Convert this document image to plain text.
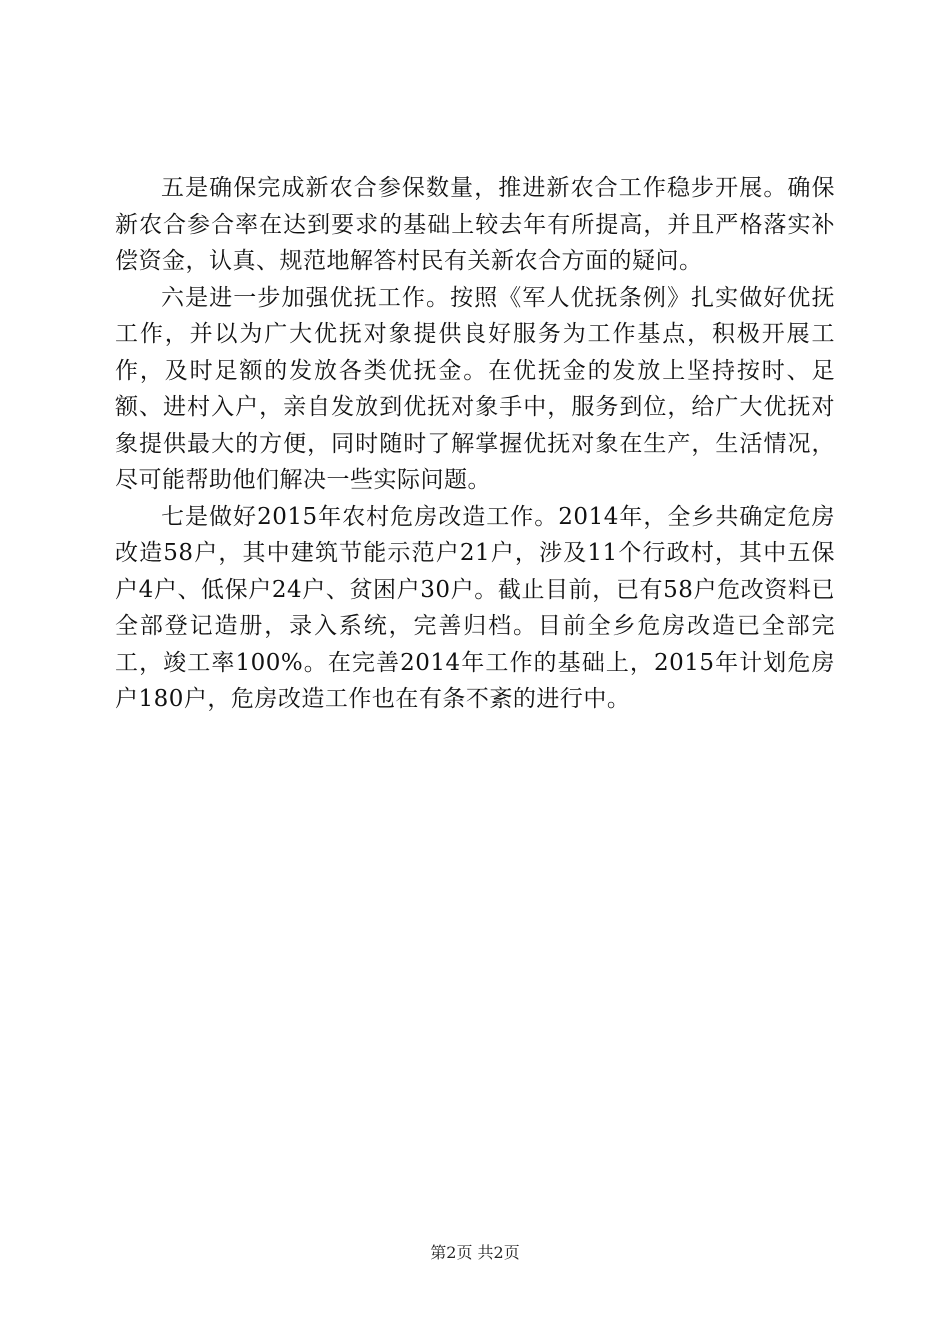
五是确保完成新农合参保数量，推进新农合工作稳步开展。确保新农合参合率在达到要求的基础上较去年有所提高，并且严格落实补偿资金，认真、规范地解答村民有关新农合方面的疑问。

六是进一步加强优抚工作。按照《军人优抚条例》扎实做好优抚工作，并以为广大优抚对象提供良好服务为工作基点，积极开展工作，及时足额的发放各类优抚金。在优抚金的发放上坚持按时、足额、进村入户，亲自发放到优抚对象手中，服务到位，给广大优抚对象提供最大的方便，同时随时了解掌握优抚对象在生产，生活情况，尽可能帮助他们解决一些实际问题。

七是做好2015年农村危房改造工作。2014年，全乡共确定危房改造58户，其中建筑节能示范户21户，涉及11个行政村，其中五保户4户、低保户24户、贫困户30户。截止目前，已有58户危改资料已全部登记造册，录入系统，完善归档。目前全乡危房改造已全部完工，竣工率100%。在完善2014年工作的基础上，2015年计划危房户180户，危房改造工作也在有条不紊的进行中。

第2页 共2页
